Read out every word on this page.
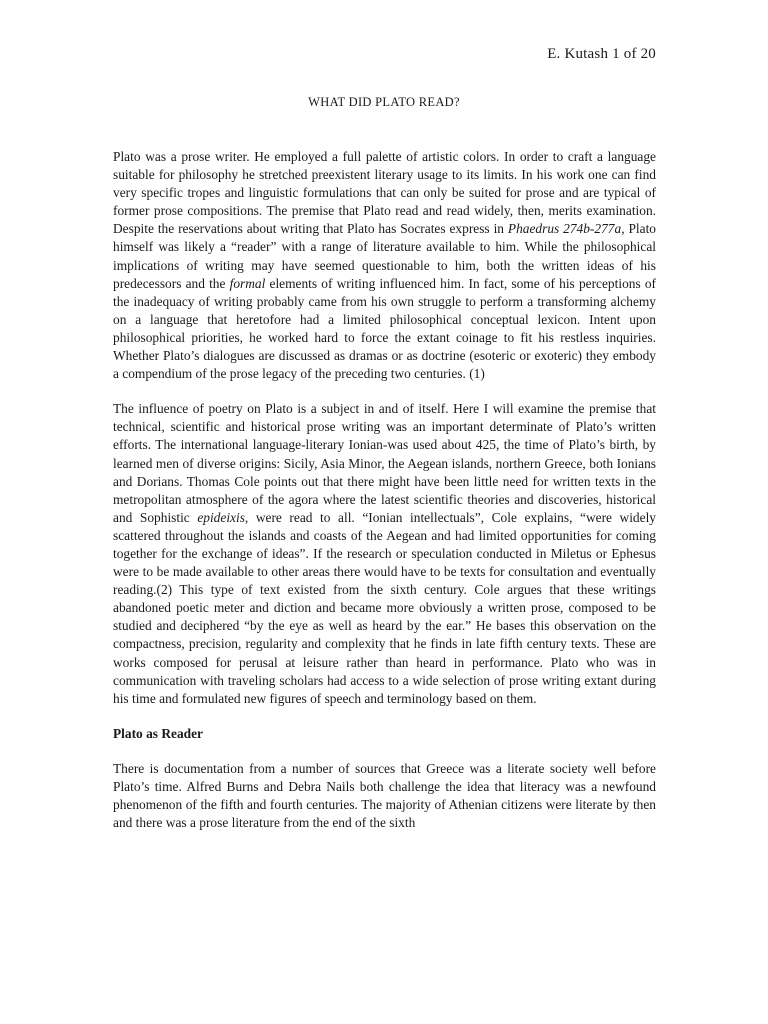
E. Kutash 1 of 20
WHAT DID PLATO READ?

Plato was a prose writer. He employed a full palette of artistic colors. In order to craft a language suitable for philosophy he stretched preexistent literary usage to its limits. In his work one can find very specific tropes and linguistic formulations that can only be suited for prose and are typical of former prose compositions. The premise that Plato read and read widely, then, merits examination. Despite the reservations about writing that Plato has Socrates express in Phaedrus 274b-277a, Plato himself was likely a “reader” with a range of literature available to him. While the philosophical implications of writing may have seemed questionable to him, both the written ideas of his predecessors and the formal elements of writing influenced him. In fact, some of his perceptions of the inadequacy of writing probably came from his own struggle to perform a transforming alchemy on a language that heretofore had a limited philosophical conceptual lexicon. Intent upon philosophical priorities, he worked hard to force the extant coinage to fit his restless inquiries. Whether Plato’s dialogues are discussed as dramas or as doctrine (esoteric or exoteric) they embody a compendium of the prose legacy of the preceding two centuries. (1)

The influence of poetry on Plato is a subject in and of itself. Here I will examine the premise that technical, scientific and historical prose writing was an important determinate of Plato’s written efforts. The international language-literary Ionian-was used about 425, the time of Plato’s birth, by learned men of diverse origins: Sicily, Asia Minor, the Aegean islands, northern Greece, both Ionians and Dorians. Thomas Cole points out that there might have been little need for written texts in the metropolitan atmosphere of the agora where the latest scientific theories and discoveries, historical and Sophistic epideixis, were read to all. “Ionian intellectuals”, Cole explains, “were widely scattered throughout the islands and coasts of the Aegean and had limited opportunities for coming together for the exchange of ideas”. If the research or speculation conducted in Miletus or Ephesus were to be made available to other areas there would have to be texts for consultation and eventually reading.(2) This type of text existed from the sixth century. Cole argues that these writings abandoned poetic meter and diction and became more obviously a written prose, composed to be studied and deciphered “by the eye as well as heard by the ear.” He bases this observation on the compactness, precision, regularity and complexity that he finds in late fifth century texts. These are works composed for perusal at leisure rather than heard in performance. Plato who was in communication with traveling scholars had access to a wide selection of prose writing extant during his time and formulated new figures of speech and terminology based on them.

Plato as Reader

There is documentation from a number of sources that Greece was a literate society well before Plato’s time. Alfred Burns and Debra Nails both challenge the idea that literacy was a newfound phenomenon of the fifth and fourth centuries. The majority of Athenian citizens were literate by then and there was a prose literature from the end of the sixth
